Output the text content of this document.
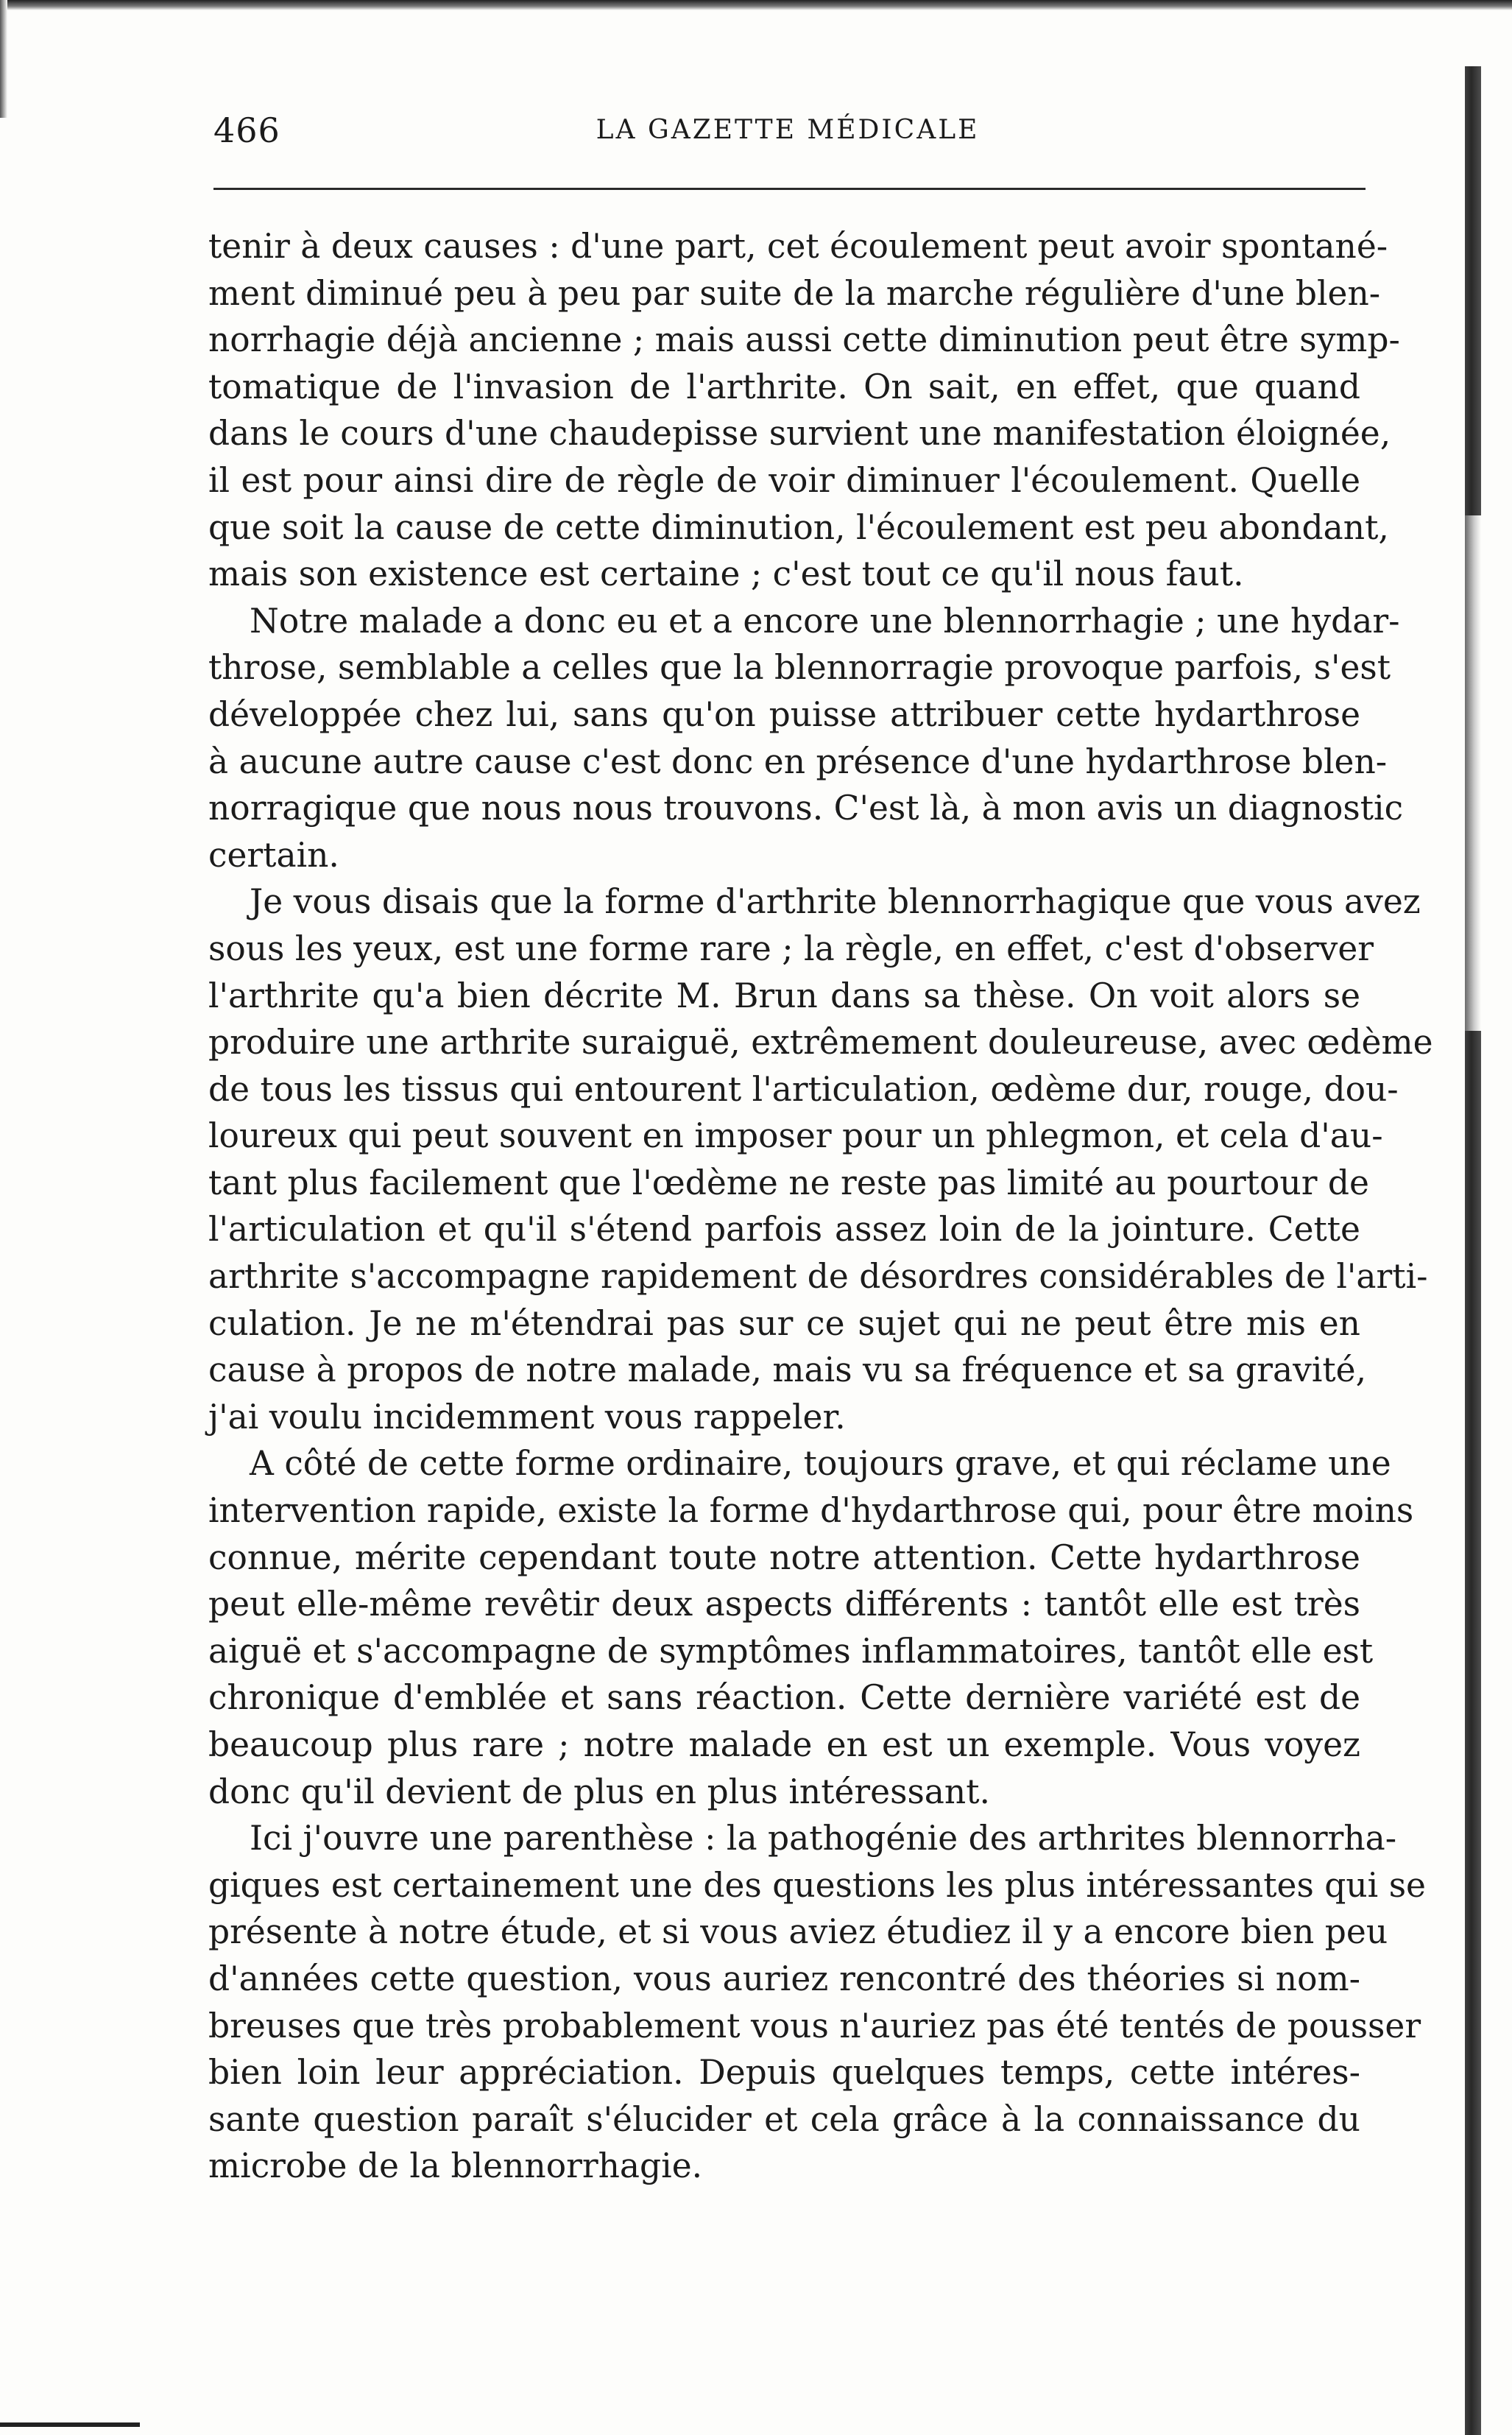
466	LA GAZETTE MÉDICALE

tenir à deux causes : d'une part, cet écoulement peut avoir spontané-
ment diminué peu à peu par suite de la marche régulière d'une blen-
norrhagie déjà ancienne ; mais aussi cette diminution peut être symp-
tomatique de l'invasion de l'arthrite. On sait, en effet, que quand
dans le cours d'une chaudepisse survient une manifestation éloignée,
il est pour ainsi dire de règle de voir diminuer l'écoulement. Quelle
que soit la cause de cette diminution, l'écoulement est peu abondant,
mais son existence est certaine ; c'est tout ce qu'il nous faut.

Notre malade a donc eu et a encore une blennorrhagie ; une hydar-
throse, semblable a celles que la blennorragie provoque parfois, s'est
développée chez lui, sans qu'on puisse attribuer cette hydarthrose
à aucune autre cause c'est donc en présence d'une hydarthrose blen-
norragique que nous nous trouvons. C'est là, à mon avis un diagnostic
certain.

Je vous disais que la forme d'arthrite blennorrhagique que vous avez
sous les yeux, est une forme rare ; la règle, en effet, c'est d'observer
l'arthrite qu'a bien décrite M. Brun dans sa thèse. On voit alors se
produire une arthrite suraiguë, extrêmement douleureuse, avec œdème
de tous les tissus qui entourent l'articulation, œdème dur, rouge, dou-
loureux qui peut souvent en imposer pour un phlegmon, et cela d'au-
tant plus facilement que l'œdème ne reste pas limité au pourtour de
l'articulation et qu'il s'étend parfois assez loin de la jointure. Cette
arthrite s'accompagne rapidement de désordres considérables de l'arti-
culation. Je ne m'étendrai pas sur ce sujet qui ne peut être mis en
cause à propos de notre malade, mais vu sa fréquence et sa gravité,
j'ai voulu incidemment vous rappeler.

A côté de cette forme ordinaire, toujours grave, et qui réclame une
intervention rapide, existe la forme d'hydarthrose qui, pour être moins
connue, mérite cependant toute notre attention. Cette hydarthrose
peut elle-même revêtir deux aspects différents : tantôt elle est très
aiguë et s'accompagne de symptômes inflammatoires, tantôt elle est
chronique d'emblée et sans réaction. Cette dernière variété est de
beaucoup plus rare ; notre malade en est un exemple. Vous voyez
donc qu'il devient de plus en plus intéressant.

Ici j'ouvre une parenthèse : la pathogénie des arthrites blennorrha-
giques est certainement une des questions les plus intéressantes qui se
présente à notre étude, et si vous aviez étudiez il y a encore bien peu
d'années cette question, vous auriez rencontré des théories si nom-
breuses que très probablement vous n'auriez pas été tentés de pousser
bien loin leur appréciation. Depuis quelques temps, cette intéres-
sante question paraît s'élucider et cela grâce à la connaissance du
microbe de la blennorrhagie.
